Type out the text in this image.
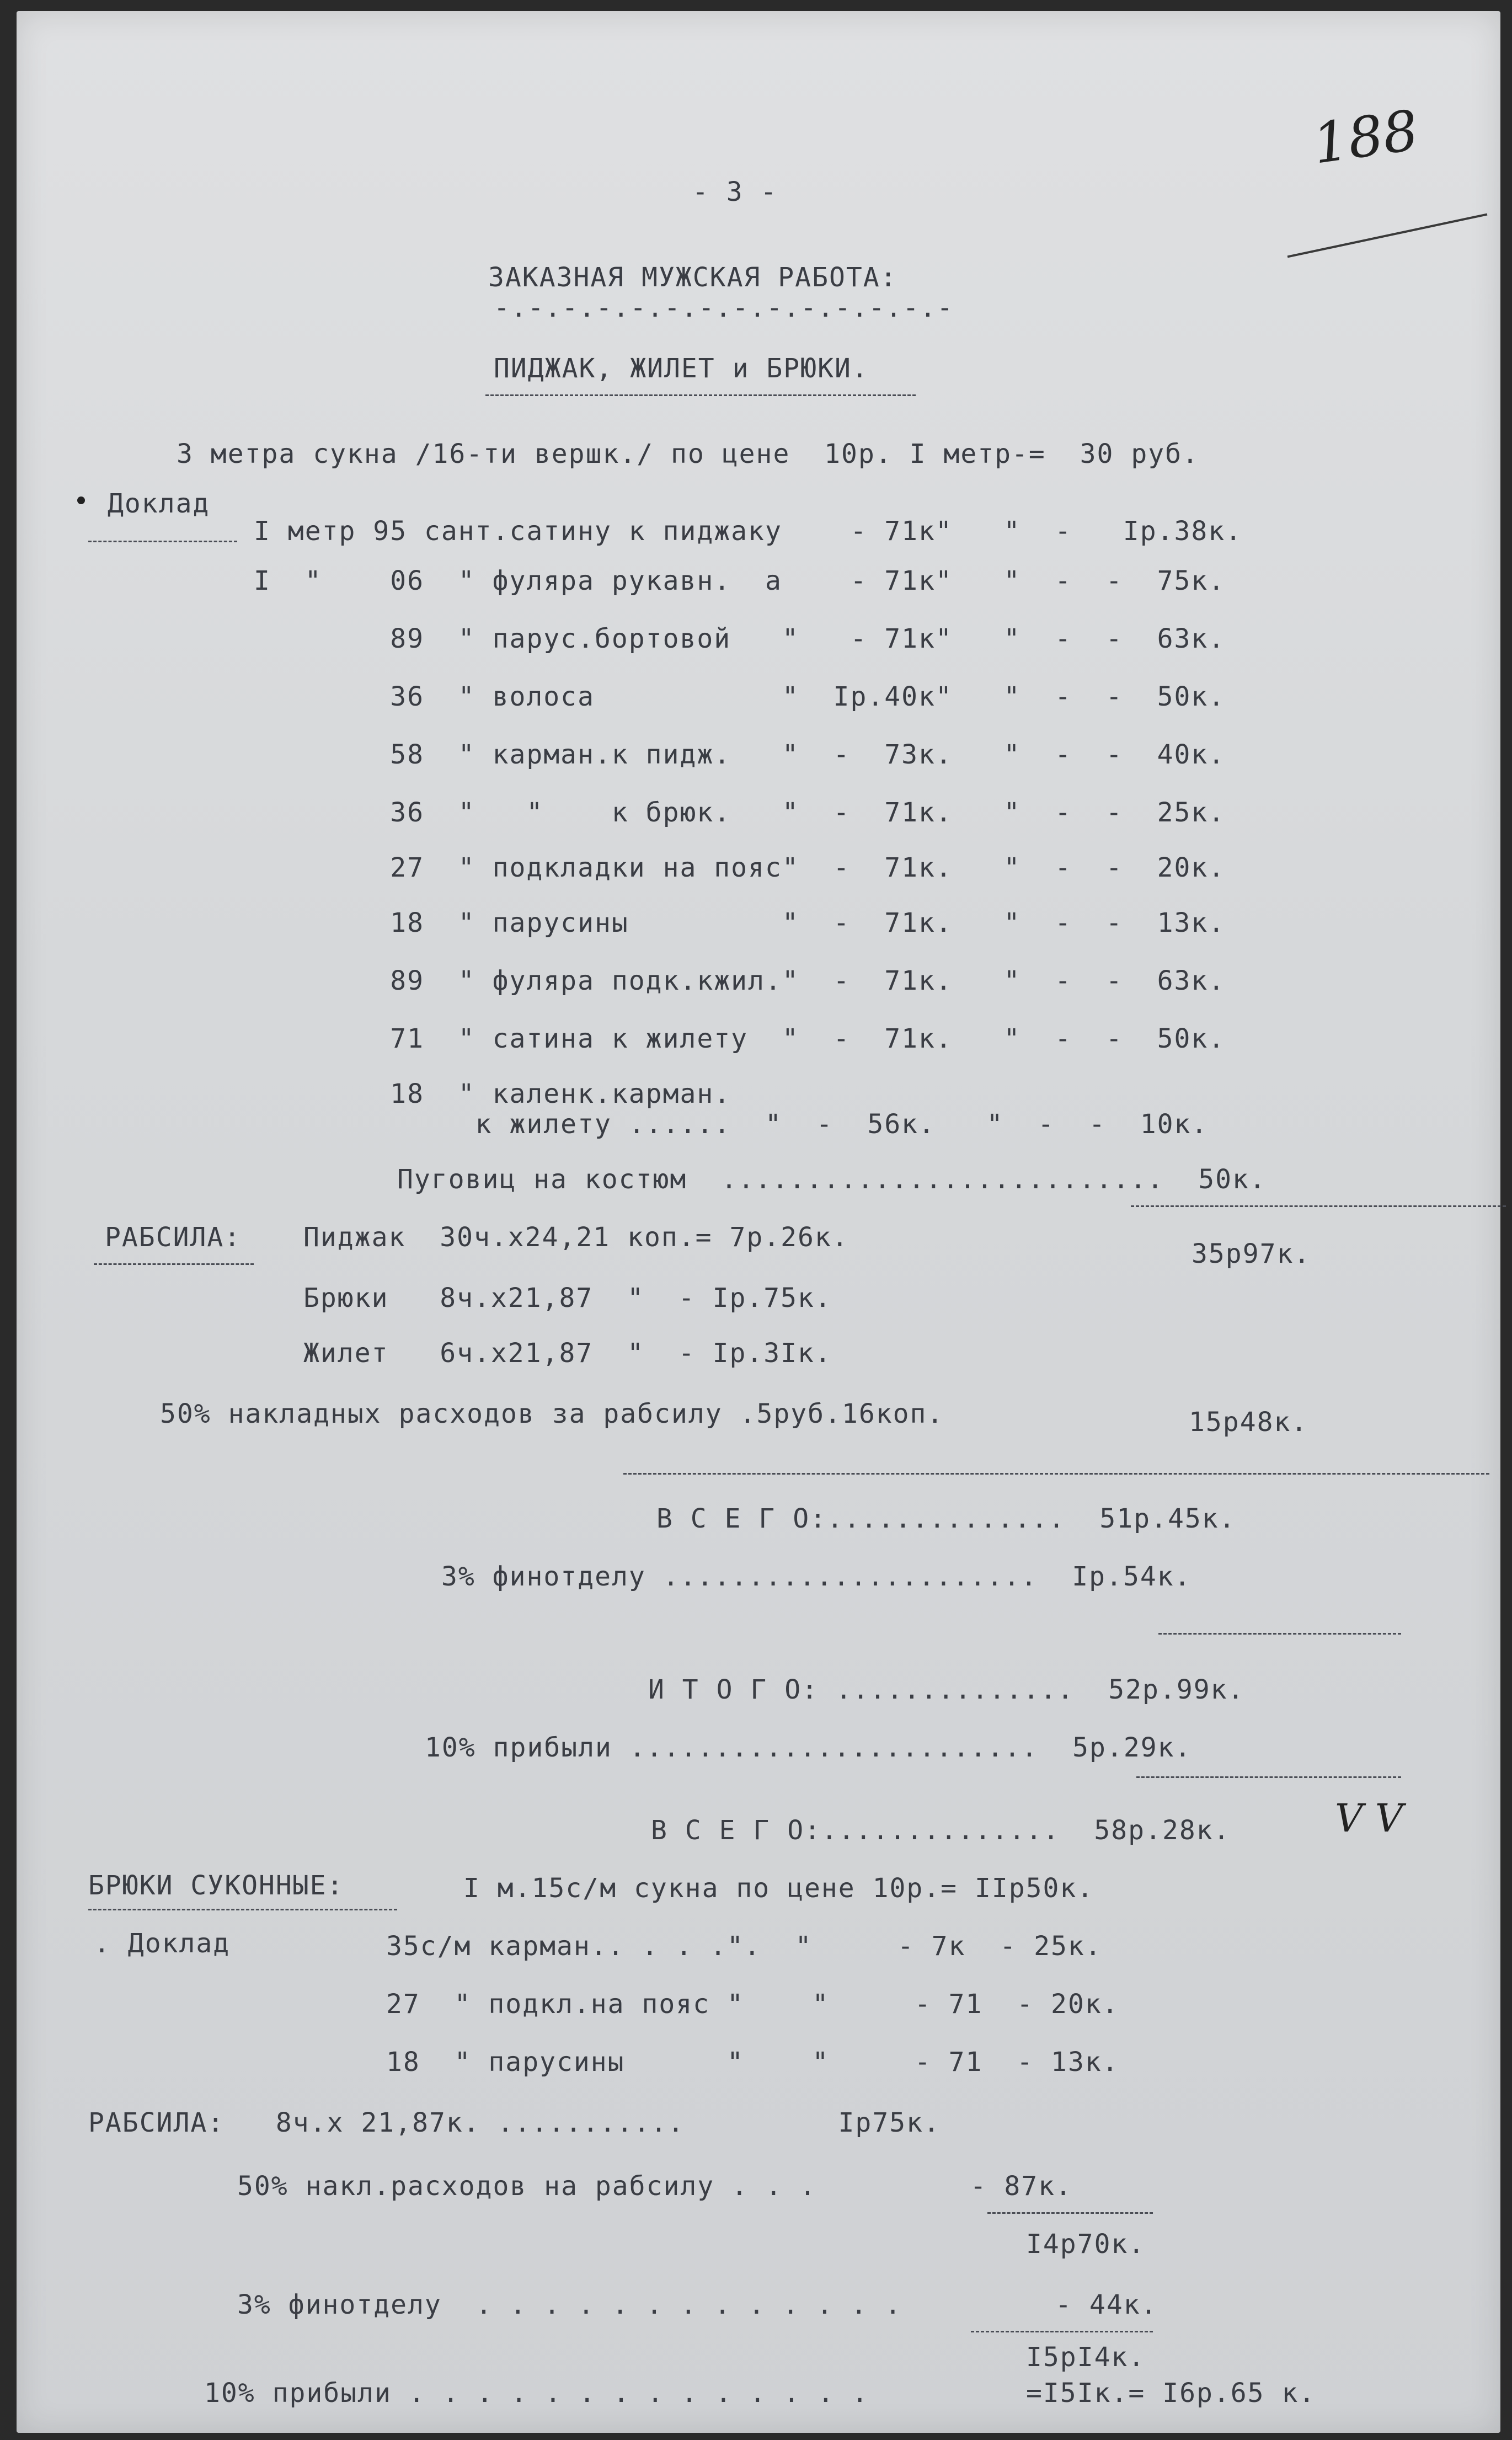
188
- 3 -
ЗАКАЗНАЯ МУЖСКАЯ РАБОТА:
-.-.-.-.-.-.-.-.-.-.-.-.-.-
ПИДЖАК, ЖИЛЕТ и БРЮКИ.
3 метра сукна /16-ти вершк./ по цене  10р. I метр-=  30 руб.
Доклад
I метр 95 сант.сатину к пиджаку    - 71к"   "  -   Iр.38к.
I  "    06  " фуляра рукавн.  а    - 71к"   "  -  -  75к.
89  " парус.бортовой   "   - 71к"   "  -  -  63к.
36  " волоса           "  Iр.40к"   "  -  -  50к.
58  " карман.к пидж.   "  -  73к.   "  -  -  40к.
36  "   "    к брюк.   "  -  71к.   "  -  -  25к.
27  " подкладки на пояс"  -  71к.   "  -  -  20к.
18  " парусины         "  -  71к.   "  -  -  13к.
89  " фуляра подк.кжил."  -  71к.   "  -  -  63к.
71  " сатина к жилету  "  -  71к.   "  -  -  50к.
18  " каленк.карман.
к жилету ......  "  -  56к.   "  -  -  10к.
Пуговиц на костюм  ..........................  50к.
РАБСИЛА: Пиджак  30ч.х24,21 коп.= 7р.26к.
35р97к.
Брюки   8ч.х21,87  "  - Iр.75к.
Жилет   6ч.х21,87  "  - Iр.3Iк.
50% накладных расходов за рабсилу .5руб.16коп.	15р48к.
В С Е Г О:..............  51р.45к.
3% финотделу ......................  Iр.54к.
И Т О Г О: ..............  52р.99к.
10% прибыли ........................  5р.29к.
В С Е Г О:..............  58р.28к.	V V
БРЮКИ СУКОННЫЕ:	I м.15с/м сукна по цене 10р.= IIр50к.
. Доклад	35с/м карман.. . . .".  "     - 7к  - 25к.
27  " подкл.на пояс "    "     - 71  - 20к.
18  " парусины      "    "     - 71  - 13к.
РАБСИЛА:   8ч.х 21,87к. ...........         Iр75к.
50% накл.расходов на рабсилу . . .         - 87к.
I4р70к.
3% финотделу  . . . . . . . . . . . . .         - 44к.
I5рI4к.
10% прибыли . . . . . . . . . . . . . .	=I5Iк.= I6р.65 к.
